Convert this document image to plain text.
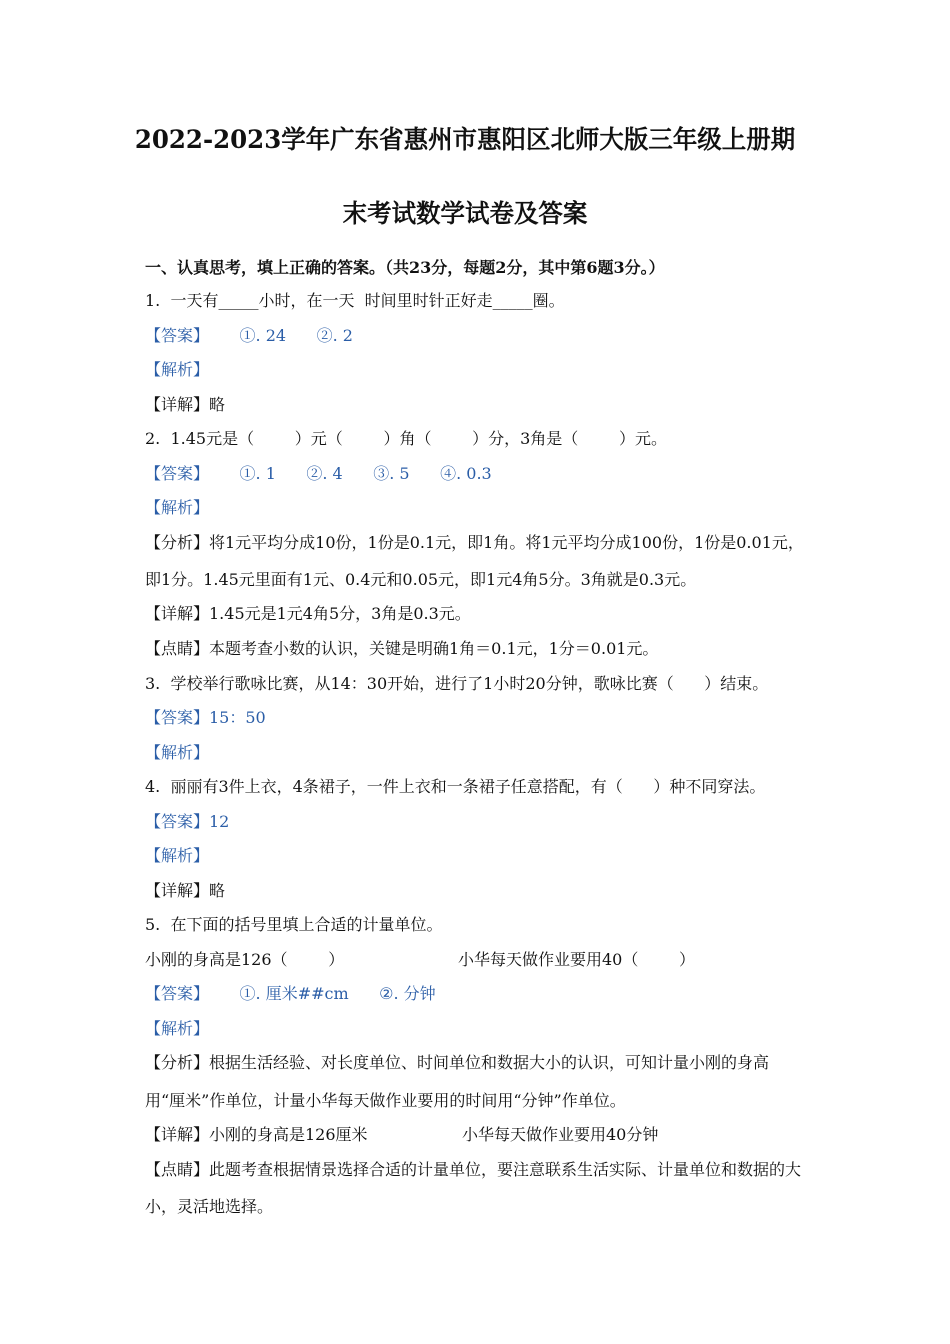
2022-2023学年广东省惠州市惠阳区北师大版三年级上册期
末考试数学试卷及答案
一、认真思考，填上正确的答案。（共23分，每题2分，其中第6题3分。）
1.  一天有_____小时，在一天  时间里时针正好走_____圈。
【答案】      ①. 24      ②. 2
【解析】
【详解】略
2.  1.45元是（        ）元（        ）角（        ）分，3角是（        ）元。
【答案】      ①. 1      ②. 4      ③. 5      ④. 0.3
【解析】
【分析】将1元平均分成10份，1份是0.1元，即1角。将1元平均分成100份，1份是0.01元，
即1分。1.45元里面有1元、0.4元和0.05元，即1元4角5分。3角就是0.3元。
【详解】1.45元是1元4角5分，3角是0.3元。
【点睛】本题考查小数的认识，关键是明确1角＝0.1元，1分＝0.01元。
3.  学校举行歌咏比赛，从14：30开始，进行了1小时20分钟，歌咏比赛（      ）结束。
【答案】15：50
【解析】
4.  丽丽有3件上衣，4条裙子，一件上衣和一条裙子任意搭配，有（      ）种不同穿法。
【答案】12
【解析】
【详解】略
5.  在下面的括号里填上合适的计量单位。
小刚的身高是126（        ）	小华每天做作业要用40（        ）
【答案】      ①. 厘米##cm      ②. 分钟
【解析】
【分析】根据生活经验、对长度单位、时间单位和数据大小的认识，可知计量小刚的身高
用“厘米”作单位，计量小华每天做作业要用的时间用“分钟”作单位。
【详解】小刚的身高是126厘米	小华每天做作业要用40分钟
【点睛】此题考查根据情景选择合适的计量单位，要注意联系生活实际、计量单位和数据的大
小，灵活地选择。
